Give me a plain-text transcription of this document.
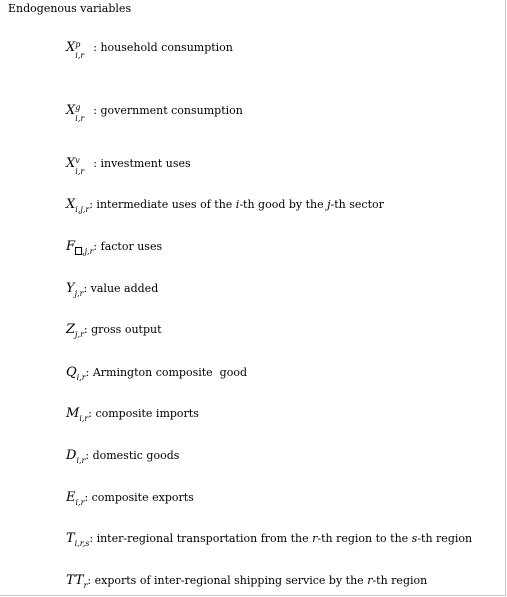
Endogenous variables
X p
i,r
: household consumption
X g
i,r
: government consumption
X v
i,r
: investment uses
$X_{i,j,r}$: intermediate uses of the i-th good by the j-th sector
F $_{,j,r}$: factor uses
$Y_{j,r}$: value added
$Z_{j,r}$: gross output
$Q_{i,r}$: Armington composite  good
$M_{i,r}$: composite imports
$D_{i,r}$: domestic goods
$E_{i,r}$: composite exports
$T_{i,r,s}$: inter-regional transportation from the r-th region to the s-th region
$TT_r$: exports of inter-regional shipping service by the r-th region
